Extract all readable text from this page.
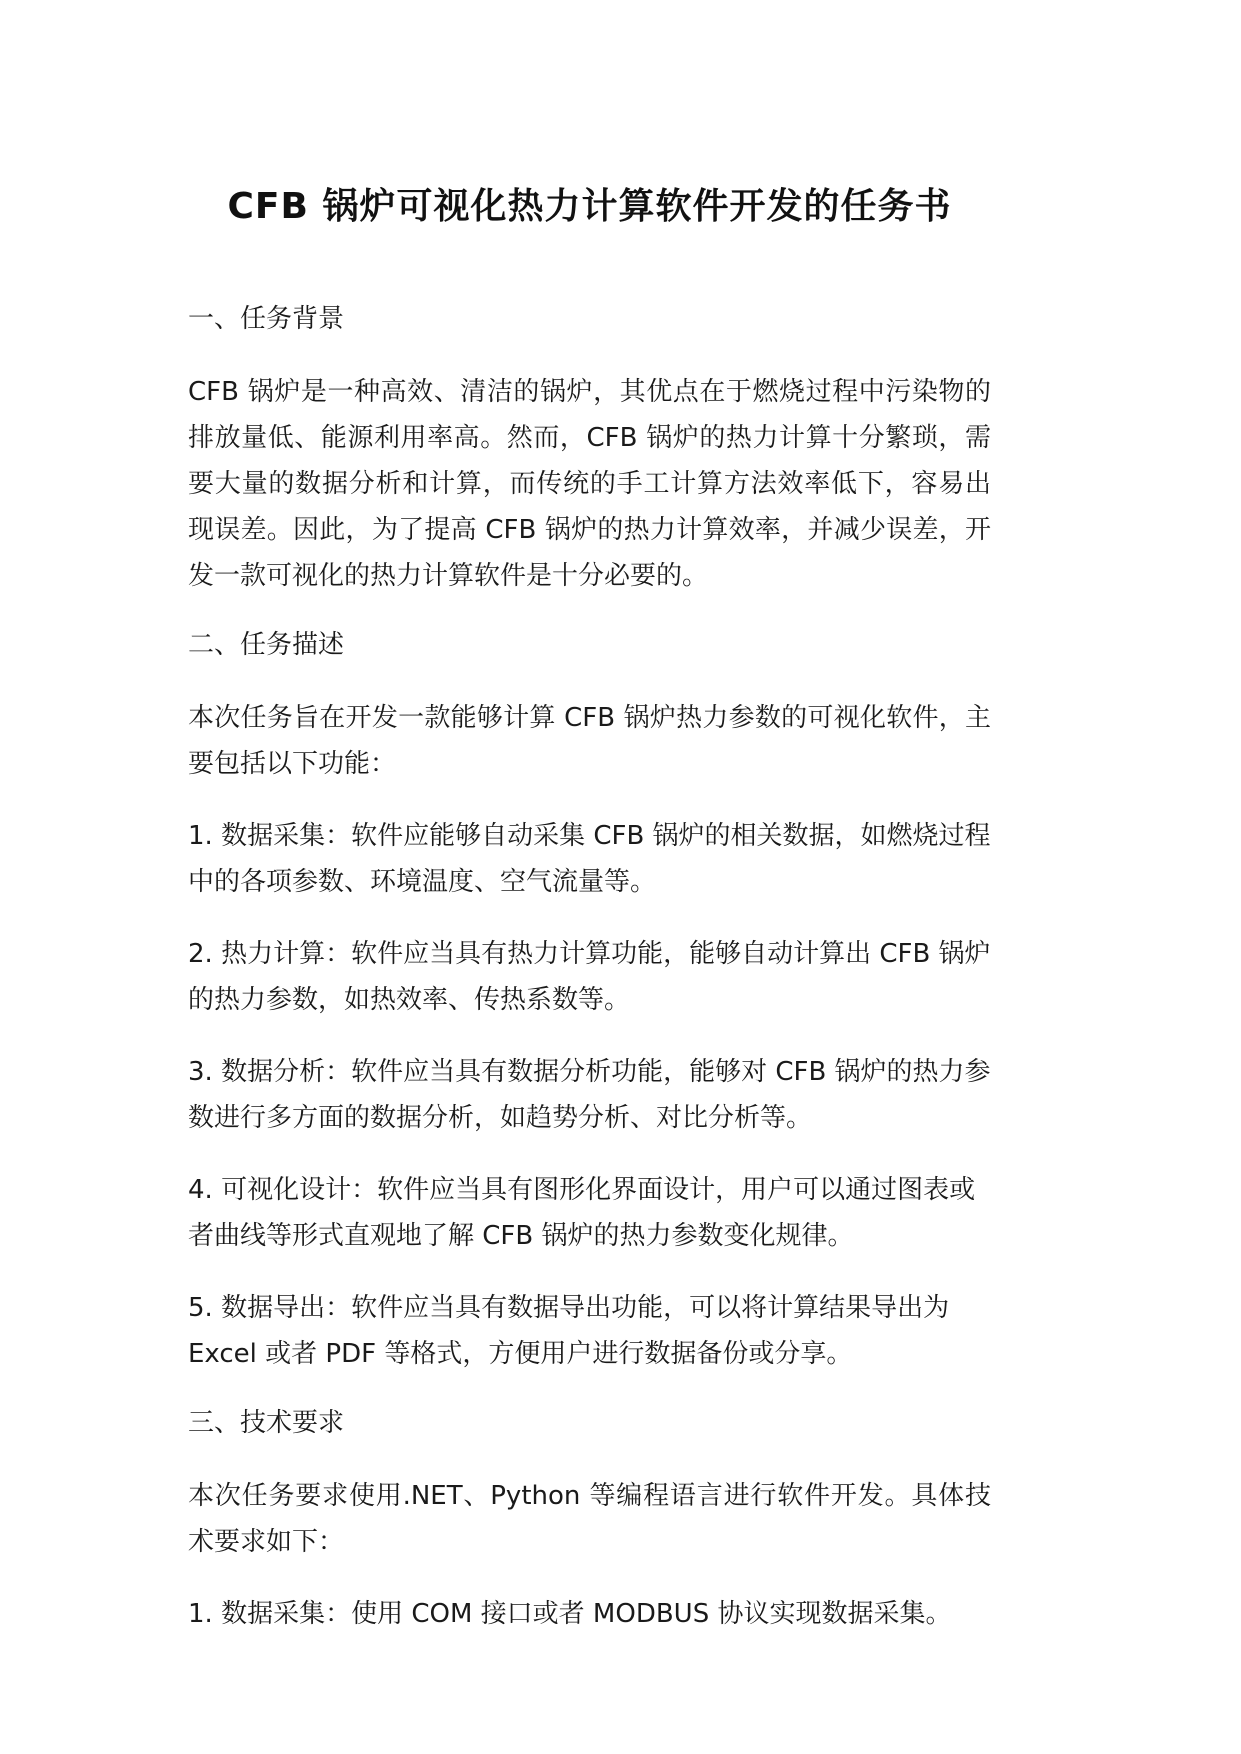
CFB 锅炉可视化热力计算软件开发的任务书
一、任务背景

CFB 锅炉是一种高效、清洁的锅炉，其优点在于燃烧过程中污染物的排放量低、能源利用率高。然而，CFB 锅炉的热力计算十分繁琐，需要大量的数据分析和计算，而传统的手工计算方法效率低下，容易出现误差。因此，为了提高 CFB 锅炉的热力计算效率，并减少误差，开发一款可视化的热力计算软件是十分必要的。

二、任务描述

本次任务旨在开发一款能够计算 CFB 锅炉热力参数的可视化软件，主要包括以下功能：

1. 数据采集：软件应能够自动采集 CFB 锅炉的相关数据，如燃烧过程中的各项参数、环境温度、空气流量等。

2. 热力计算：软件应当具有热力计算功能，能够自动计算出 CFB 锅炉的热力参数，如热效率、传热系数等。

3. 数据分析：软件应当具有数据分析功能，能够对 CFB 锅炉的热力参数进行多方面的数据分析，如趋势分析、对比分析等。

4. 可视化设计：软件应当具有图形化界面设计，用户可以通过图表或者曲线等形式直观地了解 CFB 锅炉的热力参数变化规律。

5. 数据导出：软件应当具有数据导出功能，可以将计算结果导出为 Excel 或者 PDF 等格式，方便用户进行数据备份或分享。

三、技术要求

本次任务要求使用.NET、Python 等编程语言进行软件开发。具体技术要求如下：

1. 数据采集：使用 COM 接口或者 MODBUS 协议实现数据采集。
